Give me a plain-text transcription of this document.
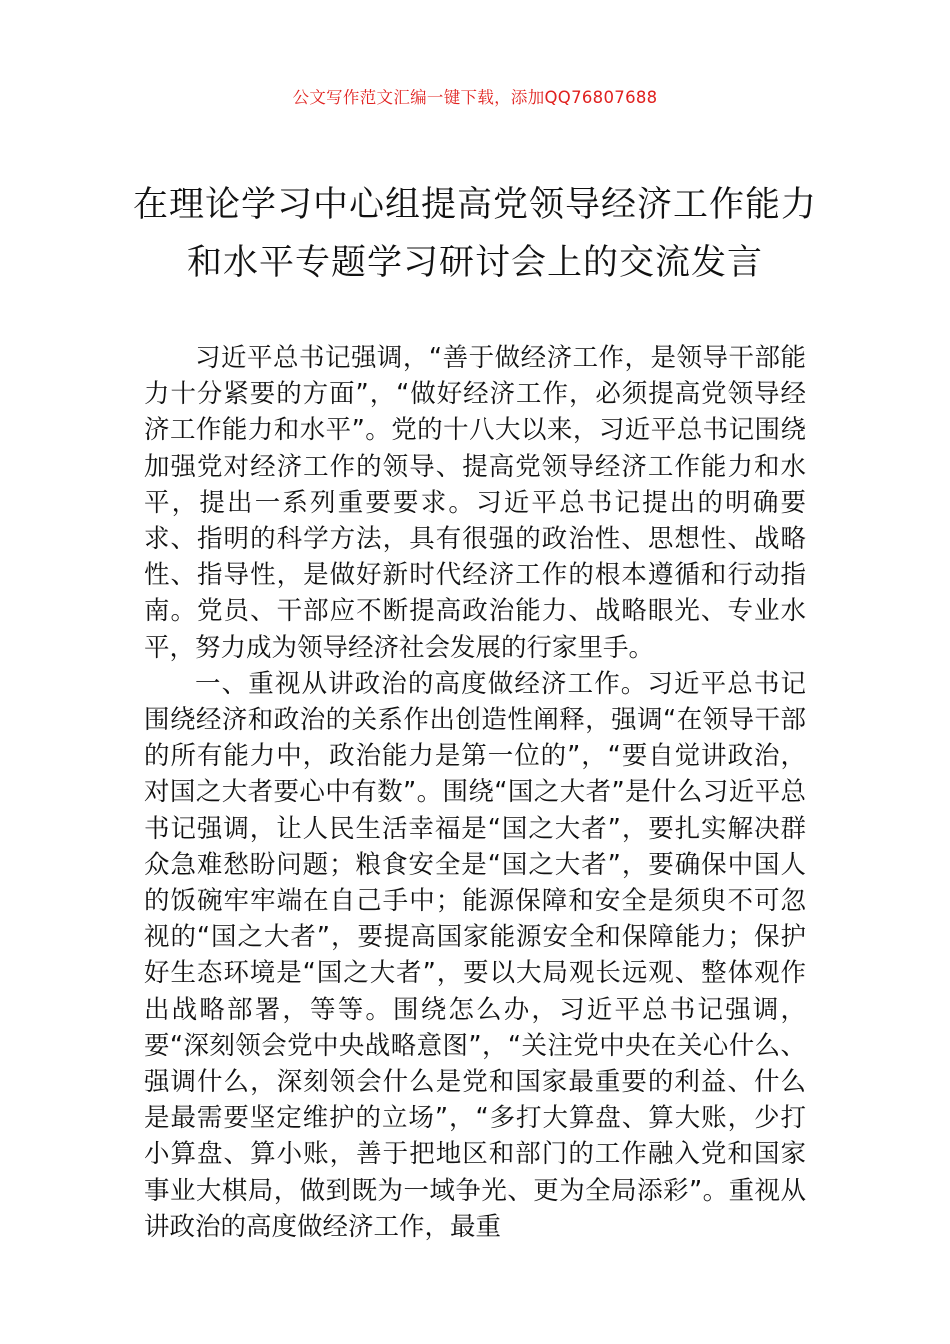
公文写作范文汇编一键下载，添加QQ76807688
在理论学习中心组提高党领导经济工作能力和水平专题学习研讨会上的交流发言

习近平总书记强调，“善于做经济工作，是领导干部能力十分紧要的方面”，“做好经济工作，必须提高党领导经济工作能力和水平”。党的十八大以来，习近平总书记围绕加强党对经济工作的领导、提高党领导经济工作能力和水平，提出一系列重要要求。习近平总书记提出的明确要求、指明的科学方法，具有很强的政治性、思想性、战略性、指导性，是做好新时代经济工作的根本遵循和行动指南。党员、干部应不断提高政治能力、战略眼光、专业水平，努力成为领导经济社会发展的行家里手。

一、重视从讲政治的高度做经济工作。习近平总书记围绕经济和政治的关系作出创造性阐释，强调“在领导干部的所有能力中，政治能力是第一位的”，“要自觉讲政治，对国之大者要心中有数”。围绕“国之大者”是什么习近平总书记强调，让人民生活幸福是“国之大者”，要扎实解决群众急难愁盼问题；粮食安全是“国之大者”，要确保中国人的饭碗牢牢端在自己手中；能源保障和安全是须臾不可忽视的“国之大者”，要提高国家能源安全和保障能力；保护好生态环境是“国之大者”，要以大局观长远观、整体观作出战略部署，等等。围绕怎么办，习近平总书记强调，要“深刻领会党中央战略意图”，“关注党中央在关心什么、强调什么，深刻领会什么是党和国家最重要的利益、什么是最需要坚定维护的立场”，“多打大算盘、算大账，少打小算盘、算小账，善于把地区和部门的工作融入党和国家事业大棋局，做到既为一域争光、更为全局添彩”。重视从讲政治的高度做经济工作，最重
